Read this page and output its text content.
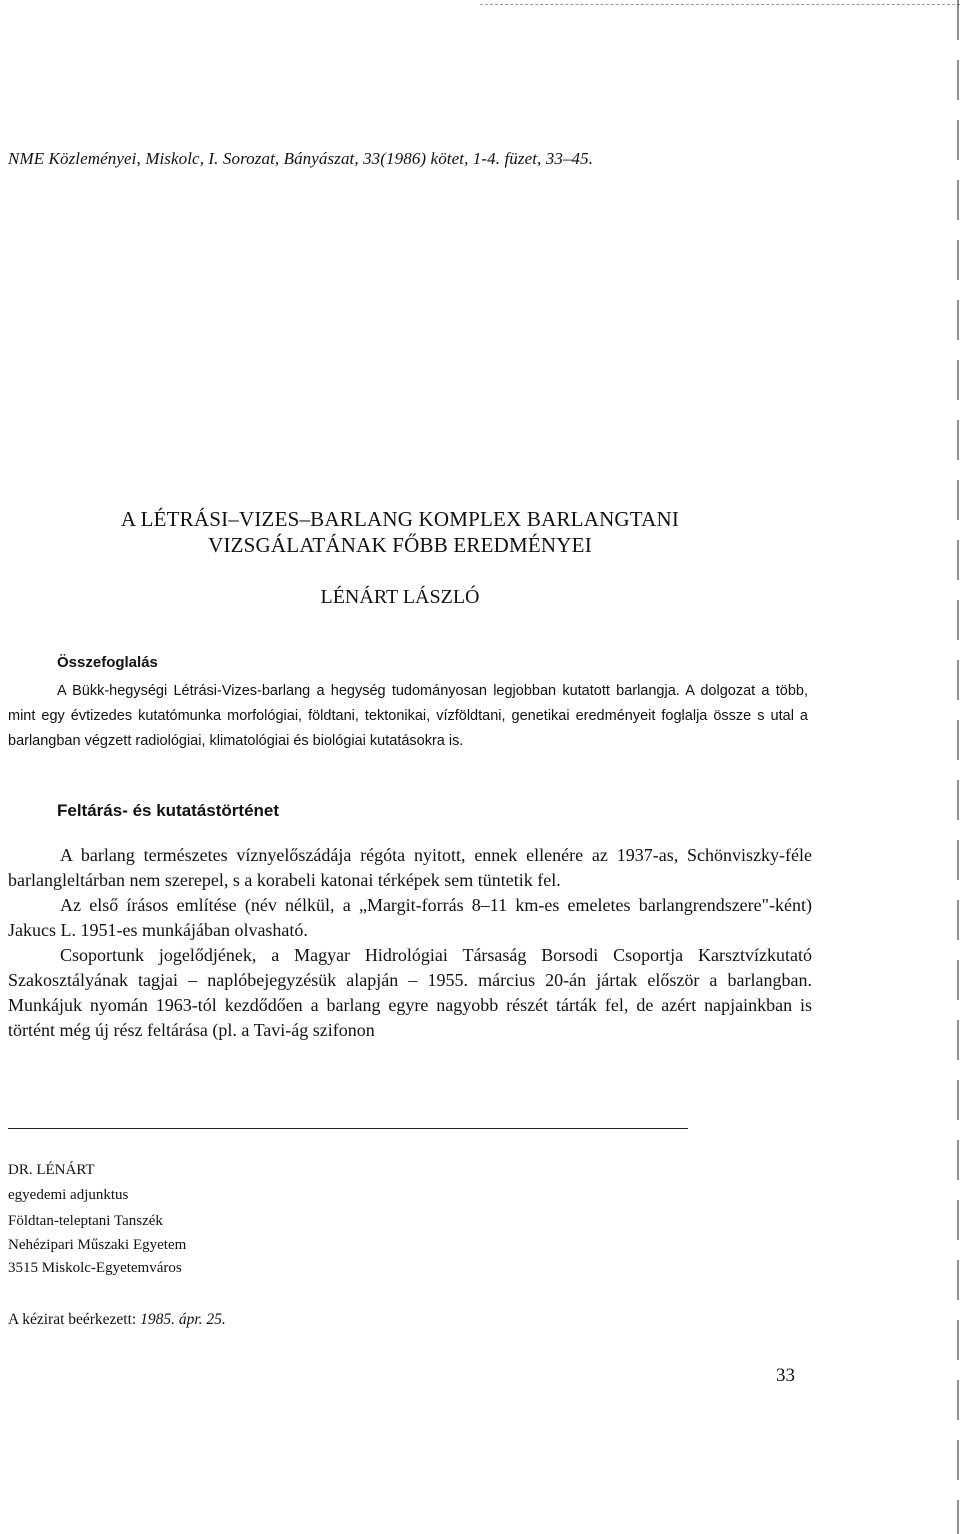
NME Közleményei, Miskolc, I. Sorozat, Bányászat, 33(1986) kötet, 1-4. füzet, 33–45.
A LÉTRÁSI–VIZES–BARLANG KOMPLEX BARLANGTANI
VIZSGÁLATÁNAK FŐBB EREDMÉNYEI
LÉNÁRT LÁSZLÓ
Összefoglalás

A Bükk-hegységi Létrási-Vizes-barlang a hegység tudományosan legjobban kutatott barlangja. A dolgozat a több, mint egy évtizedes kutatómunka morfológiai, földtani, tektonikai, vízföldtani, genetikai eredményeit foglalja össze s utal a barlangban végzett radiológiai, klimatológiai és biológiai kutatásokra is.

Feltárás- és kutatástörténet

A barlang természetes víznyelőszádája régóta nyitott, ennek ellenére az 1937-as, Schönviszky-féle barlangleltárban nem szerepel, s a korabeli katonai térképek sem tüntetik fel.

Az első írásos említése (név nélkül, a „Margit-forrás 8–11 km-es emeletes barlangrendszere"-ként) Jakucs L. 1951-es munkájában olvasható.

Csoportunk jogelődjének, a Magyar Hidrológiai Társaság Borsodi Csoportja Karsztvízkutató Szakosztályának tagjai – naplóbejegyzésük alapján – 1955. március 20-án jártak először a barlangban. Munkájuk nyomán 1963-tól kezdődően a barlang egyre nagyobb részét tárták fel, de azért napjainkban is történt még új rész feltárása (pl. a Tavi-ág szifonon

DR. LÉNÁRT
egyedemi adjunktus
Földtan-teleptani Tanszék
Nehézipari Műszaki Egyetem
3515 Miskolc-Egyetemváros
A kézirat beérkezett: 1985. ápr. 25.
33
